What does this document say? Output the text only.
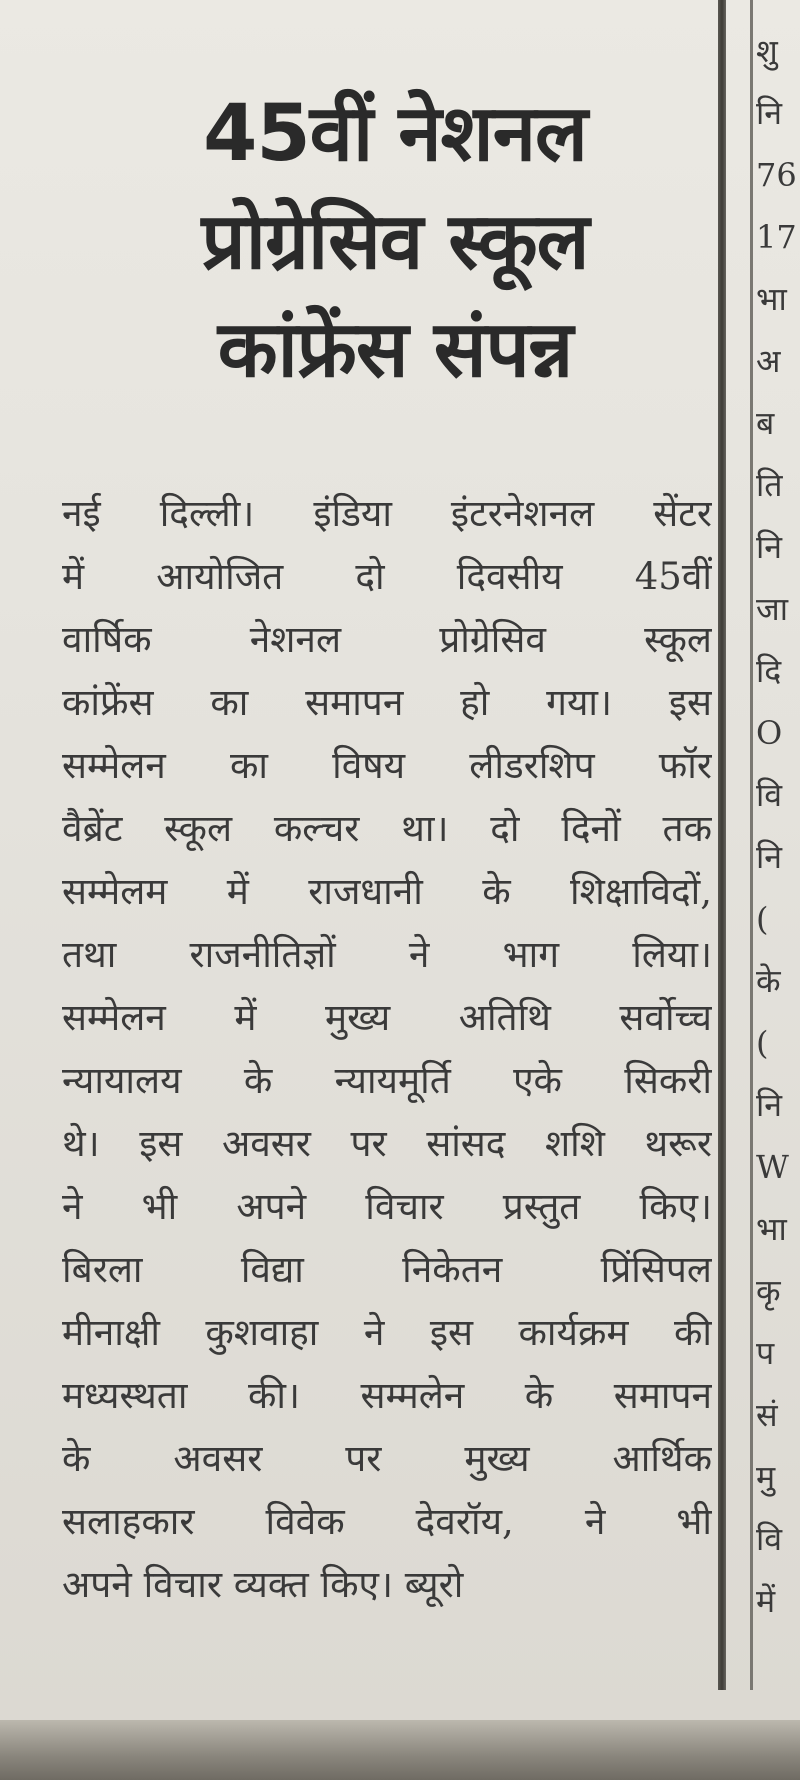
45वीं नेशनल
प्रोग्रेसिव स्कूल
कांफ्रेंस संपन्न
नई दिल्ली। इंडिया इंटरनेशनल सेंटर
में आयोजित दो दिवसीय 45वीं
वार्षिक नेशनल प्रोग्रेसिव स्कूल
कांफ्रेंस का समापन हो गया। इस
सम्मेलन का विषय लीडरशिप फॉर
वैब्रेंट स्कूल कल्चर था। दो दिनों तक
सम्मेलम में राजधानी के शिक्षाविदों,
तथा राजनीतिज्ञों ने भाग लिया।
सम्मेलन में मुख्य अतिथि सर्वोच्च
न्यायालय के न्यायमूर्ति एके सिकरी
थे। इस अवसर पर सांसद शशि थरूर
ने भी अपने विचार प्रस्तुत किए।
बिरला विद्या निकेतन प्रिंसिपल
मीनाक्षी कुशवाहा ने इस कार्यक्रम की
मध्यस्थता की। सम्मलेन के समापन
के अवसर पर मुख्य आर्थिक
सलाहकार विवेक देवरॉय, ने भी
अपने विचार व्यक्त किए। ब्यूरो
शु
नि
76
17
भा
अ
ब
ति
नि
जा
दि
O
वि
नि
(
के
(
नि
W
भा
कृ
प
सं
मु
वि
में
